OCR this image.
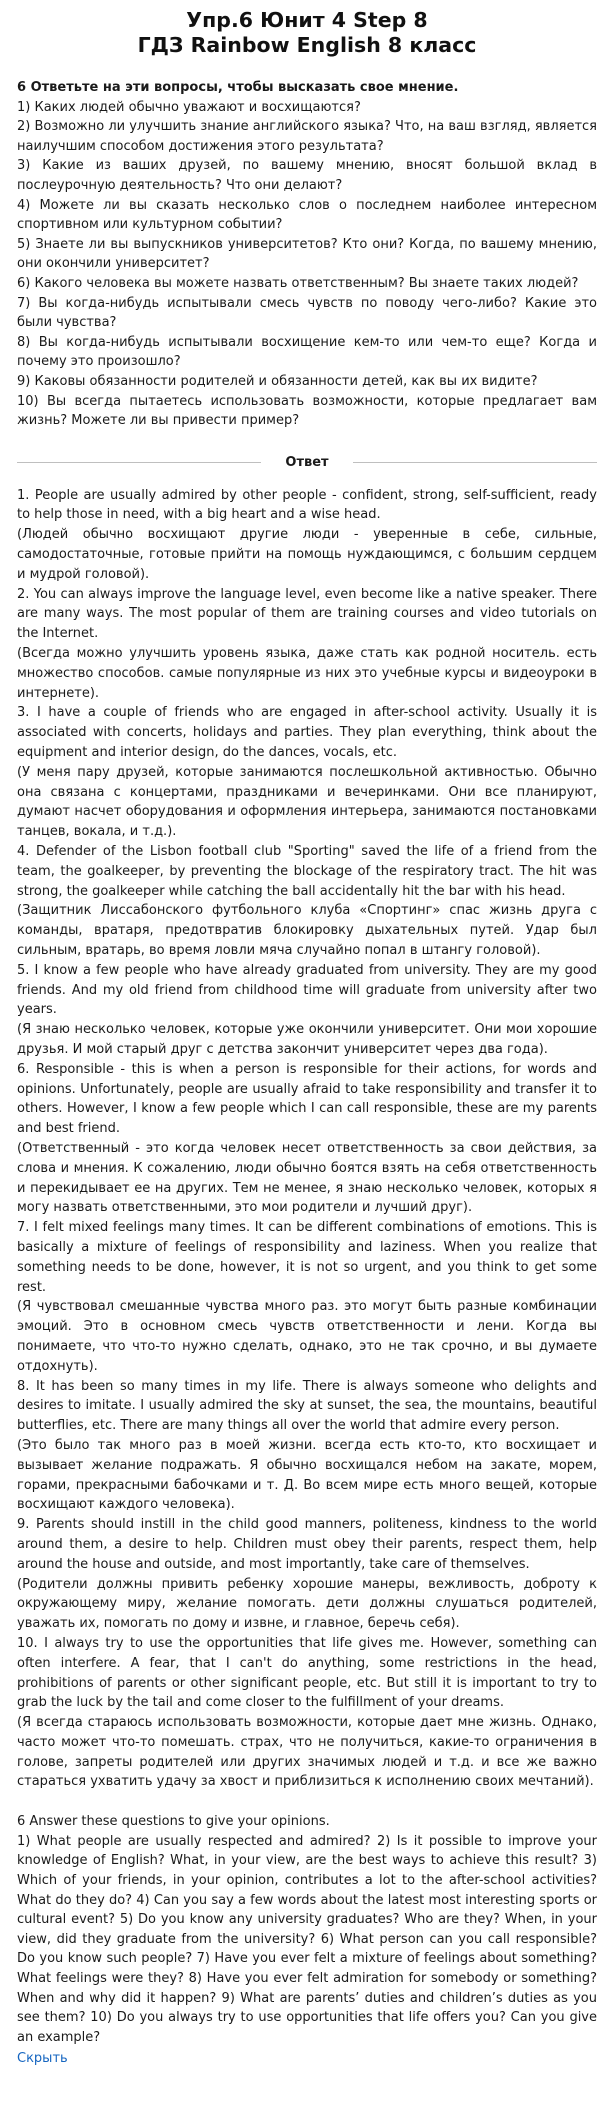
Упр.6 Юнит 4 Step 8
ГДЗ Rainbow English 8 класс

6 Ответьте на эти вопросы, чтобы высказать свое мнение.

1) Каких людей обычно уважают и восхищаются?

2) Возможно ли улучшить знание английского языка? Что, на ваш взгляд, является наилучшим способом достижения этого результата?

3) Какие из ваших друзей, по вашему мнению, вносят большой вклад в послеурочную деятельность? Что они делают?

4) Можете ли вы сказать несколько слов о последнем наиболее интересном спортивном или культурном событии?

5) Знаете ли вы выпускников университетов? Кто они? Когда, по вашему мнению, они окончили университет?

6) Какого человека вы можете назвать ответственным? Вы знаете таких людей?

7) Вы когда-нибудь испытывали смесь чувств по поводу чего-либо? Какие это были чувства?

8) Вы когда-нибудь испытывали восхищение кем-то или чем-то еще? Когда и почему это произошло?

9) Каковы обязанности родителей и обязанности детей, как вы их видите?

10) Вы всегда пытаетесь использовать возможности, которые предлагает вам жизнь? Можете ли вы привести пример?

Ответ

1. People are usually admired by other people - confident, strong, self-sufficient, ready to help those in need, with a big heart and a wise head.

(Людей обычно восхищают другие люди - уверенные в себе, сильные, самодостаточные, готовые прийти на помощь нуждающимся, с большим сердцем и мудрой головой).

2. You can always improve the language level, even become like a native speaker. There are many ways. The most popular of them are training courses and video tutorials on the Internet.

(Всегда можно улучшить уровень языка, даже стать как родной носитель. есть множество способов. самые популярные из них это учебные курсы и видеоуроки в интернете).

3. I have a couple of friends who are engaged in after-school activity. Usually it is associated with concerts, holidays and parties. They plan everything, think about the equipment and interior design, do the dances, vocals, etc.

(У меня пару друзей, которые занимаются послешкольной активностью. Обычно она связана с концертами, праздниками и вечеринками. Они все планируют, думают насчет оборудования и оформления интерьера, занимаются постановками танцев, вокала, и т.д.).

4. Defender of the Lisbon football club "Sporting" saved the life of a friend from the team, the goalkeeper, by preventing the blockage of the respiratory tract. The hit was strong, the goalkeeper while catching the ball accidentally hit the bar with his head.

(Защитник Лиссабонского футбольного клуба «Спортинг» спас жизнь друга с команды, вратаря, предотвратив блокировку дыхательных путей. Удар был сильным, вратарь, во время ловли мяча случайно попал в штангу головой).

5. I know a few people who have already graduated from university. They are my good friends. And my old friend from childhood time will graduate from university after two years.

(Я знаю несколько человек, которые уже окончили университет. Они мои хорошие друзья. И мой старый друг с детства закончит университет через два года).

6. Responsible - this is when a person is responsible for their actions, for words and opinions. Unfortunately, people are usually afraid to take responsibility and transfer it to others. However, I know a few people which I can call responsible, these are my parents and best friend.

(Ответственный - это когда человек несет ответственность за свои действия, за слова и мнения. К сожалению, люди обычно боятся взять на себя ответственность и перекидывает ее на других. Тем не менее, я знаю несколько человек, которых я могу назвать ответственными, это мои родители и лучший друг).

7. I felt mixed feelings many times. It can be different combinations of emotions. This is basically a mixture of feelings of responsibility and laziness. When you realize that something needs to be done, however, it is not so urgent, and you think to get some rest.

(Я чувствовал смешанные чувства много раз. это могут быть разные комбинации эмоций. Это в основном смесь чувств ответственности и лени. Когда вы понимаете, что что-то нужно сделать, однако, это не так срочно, и вы думаете отдохнуть).

8. It has been so many times in my life. There is always someone who delights and desires to imitate. I usually admired the sky at sunset, the sea, the mountains, beautiful butterflies, etc. There are many things all over the world that admire every person.

(Это было так много раз в моей жизни. всегда есть кто-то, кто восхищает и вызывает желание подражать. Я обычно восхищался небом на закате, морем, горами, прекрасными бабочками и т. Д. Во всем мире есть много вещей, которые восхищают каждого человека).

9. Parents should instill in the child good manners, politeness, kindness to the world around them, a desire to help. Children must obey their parents, respect them, help around the house and outside, and most importantly, take care of themselves.

(Родители должны привить ребенку хорошие манеры, вежливость, доброту к окружающему миру, желание помогать. дети должны слушаться родителей, уважать их, помогать по дому и извне, и главное, беречь себя).

10. I always try to use the opportunities that life gives me. However, something can often interfere. A fear, that I can't do anything, some restrictions in the head, prohibitions of parents or other significant people, etc. But still it is important to try to grab the luck by the tail and come closer to the fulfillment of your dreams.

(Я всегда стараюсь использовать возможности, которые дает мне жизнь. Однако, часто может что-то помешать. страх, что не получиться, какие-то ограничения в голове, запреты родителей или других значимых людей и т.д. и все же важно стараться ухватить удачу за хвост и приблизиться к исполнению своих мечтаний).

6 Answer these questions to give your opinions.

1) What people are usually respected and admired? 2) Is it possible to improve your knowledge of English? What, in your view, are the best ways to achieve this result? 3) Which of your friends, in your opinion, contributes a lot to the after-school activities? What do they do? 4) Can you say a few words about the latest most interesting sports or cultural event? 5) Do you know any university graduates? Who are they? When, in your view, did they graduate from the university? 6) What person can you call responsible? Do you know such people? 7) Have you ever felt a mixture of feelings about something? What feelings were they? 8) Have you ever felt admiration for somebody or something? When and why did it happen? 9) What are parents’ duties and children’s duties as you see them? 10) Do you always try to use opportunities that life offers you? Can you give an example?

Скрыть
